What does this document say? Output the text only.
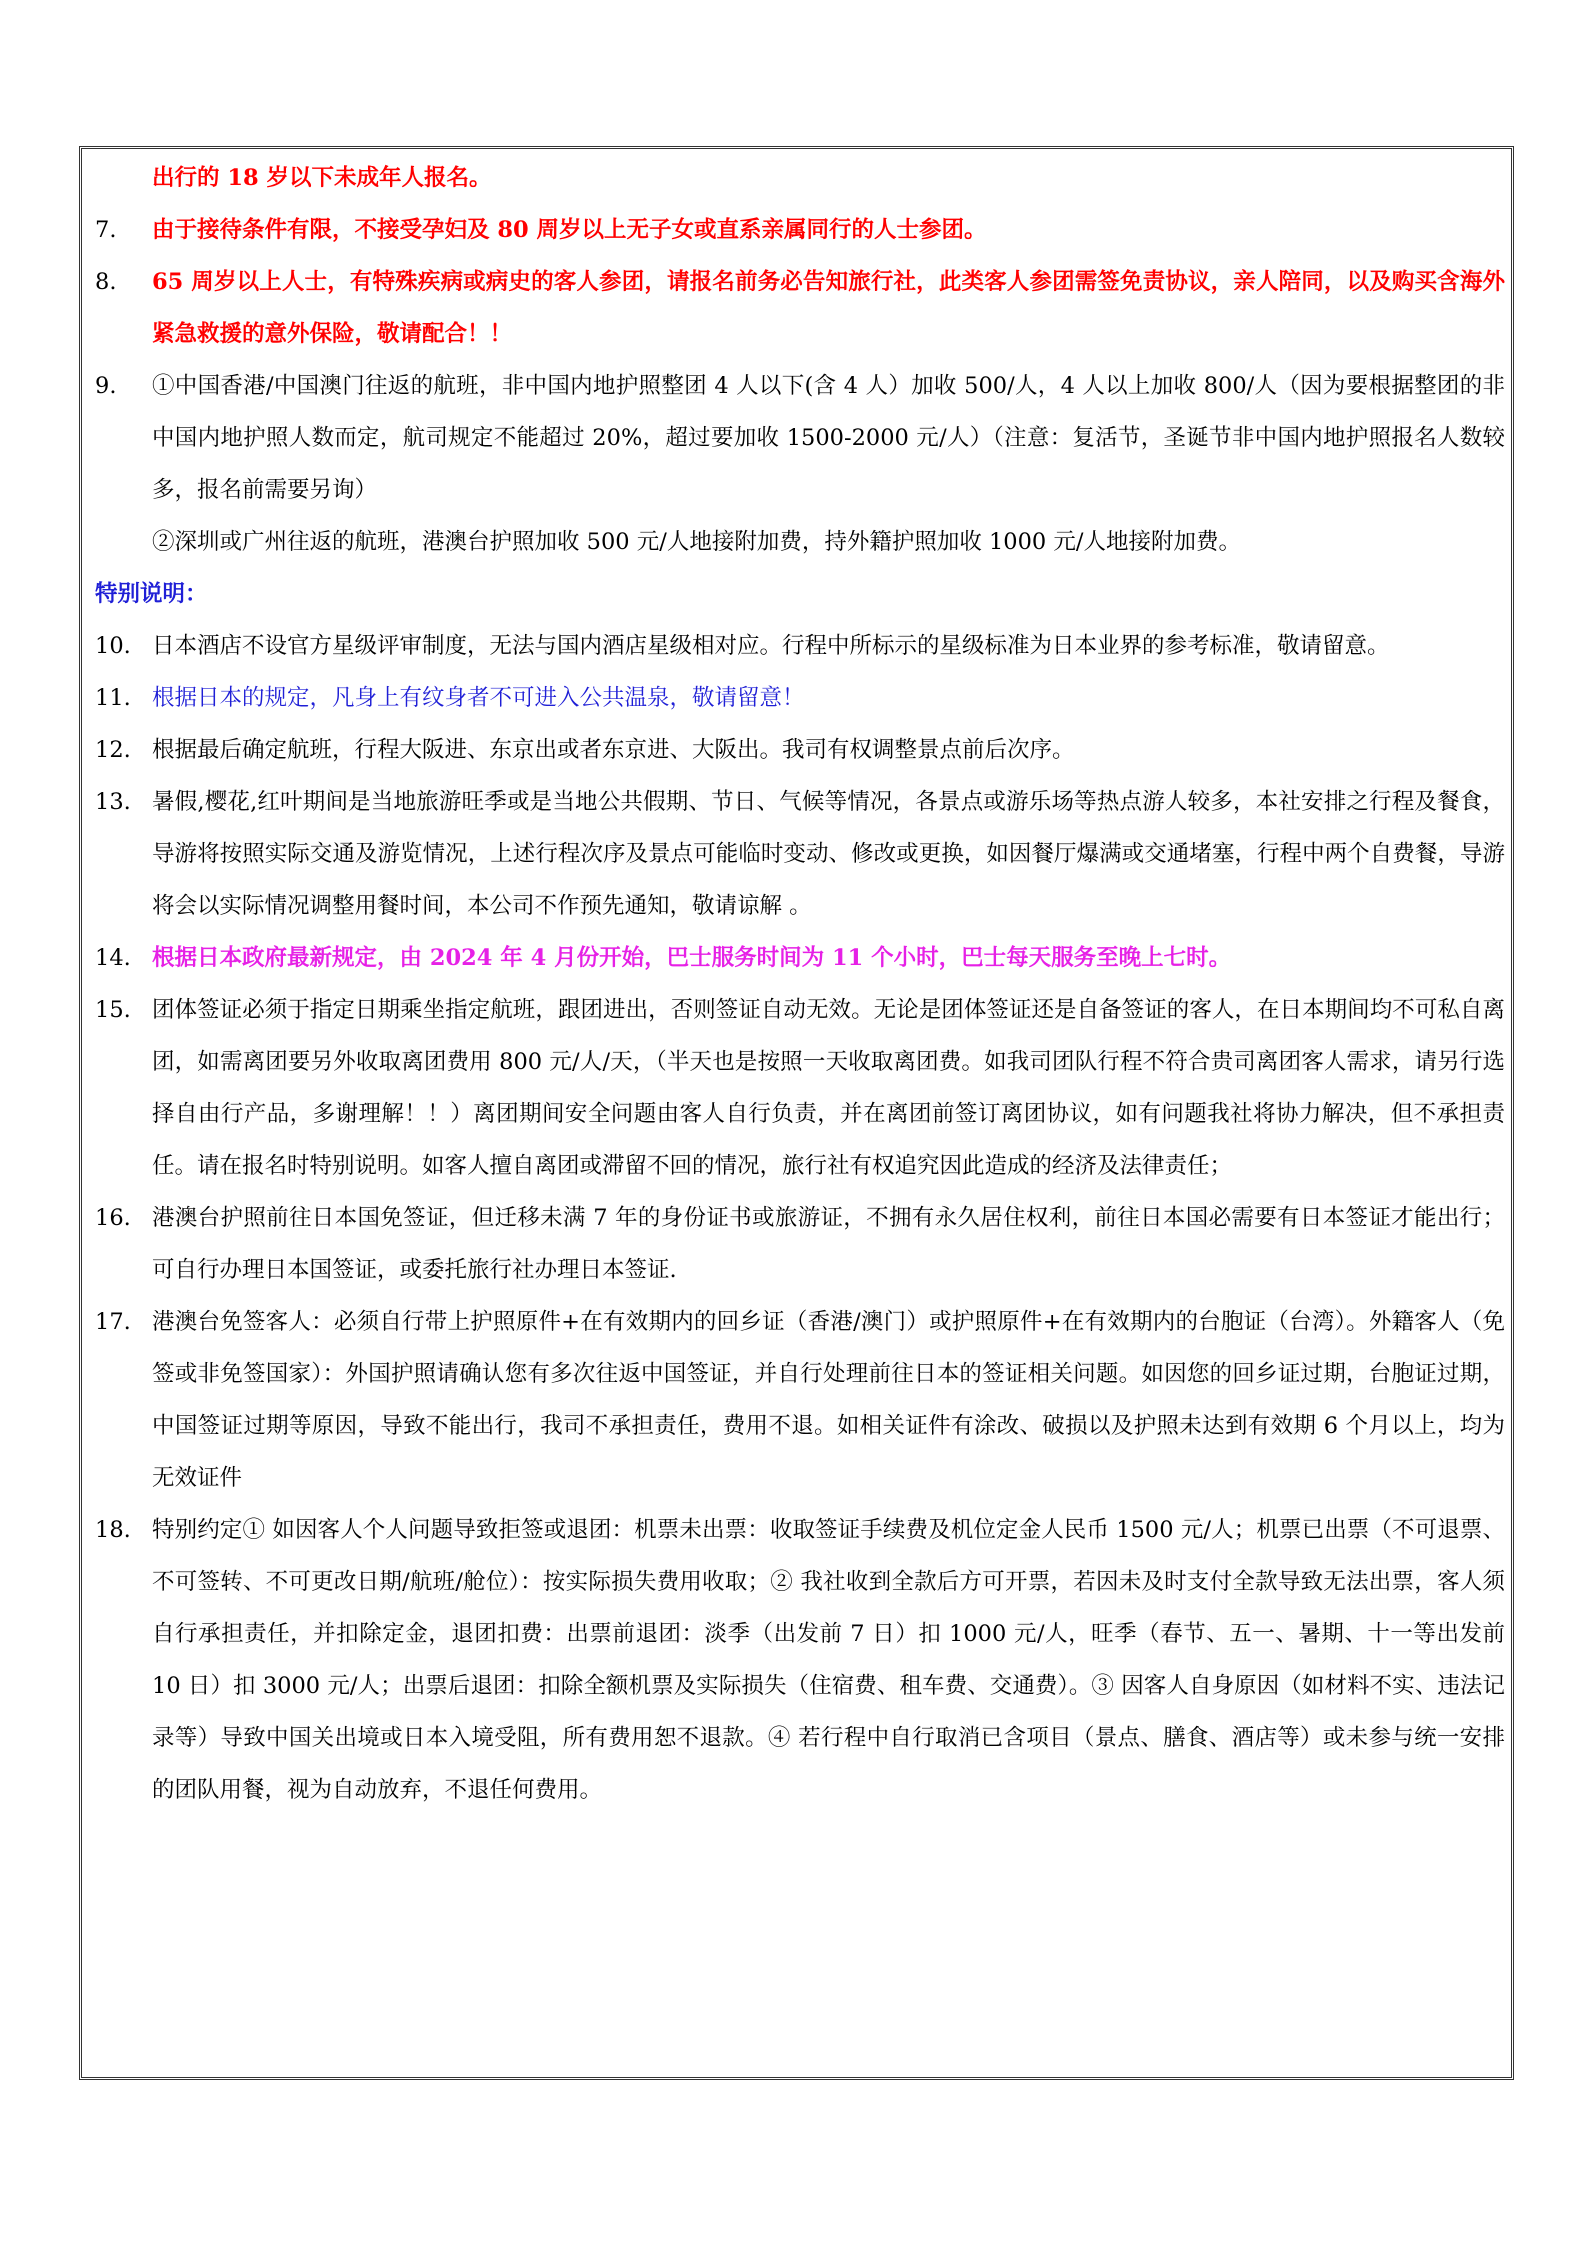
出行的 18 岁以下未成年人报名。
7.	由于接待条件有限，不接受孕妇及 80 周岁以上无子女或直系亲属同行的人士参团。
8.	65 周岁以上人士，有特殊疾病或病史的客人参团，请报名前务必告知旅行社，此类客人参团需签免责协议，亲人陪同，以及购买含海外紧急救援的意外保险，敬请配合！！
9.	①中国香港/中国澳门往返的航班，非中国内地护照整团 4 人以下(含 4 人）加收 500/人，4 人以上加收 800/人（因为要根据整团的非中国内地护照人数而定，航司规定不能超过 20%，超过要加收 1500-2000 元/人）（注意：复活节，圣诞节非中国内地护照报名人数较多，报名前需要另询）
②深圳或广州往返的航班，港澳台护照加收 500 元/人地接附加费，持外籍护照加收 1000 元/人地接附加费。
特别说明：
10. 日本酒店不设官方星级评审制度，无法与国内酒店星级相对应。行程中所标示的星级标准为日本业界的参考标准，敬请留意。
11. 根据日本的规定，凡身上有纹身者不可进入公共温泉，敬请留意！
12. 根据最后确定航班，行程大阪进、东京出或者东京进、大阪出。我司有权调整景点前后次序。
13. 暑假,樱花,红叶期间是当地旅游旺季或是当地公共假期、节日、气候等情况，各景点或游乐场等热点游人较多，本社安排之行程及餐食，导游将按照实际交通及游览情况，上述行程次序及景点可能临时变动、修改或更换，如因餐厅爆满或交通堵塞，行程中两个自费餐，导游将会以实际情况调整用餐时间，本公司不作预先通知，敬请谅解 。
14. 根据日本政府最新规定，由 2024 年 4 月份开始，巴士服务时间为 11 个小时，巴士每天服务至晚上七时。
15. 团体签证必须于指定日期乘坐指定航班，跟团进出，否则签证自动无效。无论是团体签证还是自备签证的客人，在日本期间均不可私自离团，如需离团要另外收取离团费用 800 元/人/天，（半天也是按照一天收取离团费。如我司团队行程不符合贵司离团客人需求，请另行选择自由行产品，多谢理解！！）离团期间安全问题由客人自行负责，并在离团前签订离团协议，如有问题我社将协力解决，但不承担责任。请在报名时特别说明。如客人擅自离团或滞留不回的情况，旅行社有权追究因此造成的经济及法律责任；
16. 港澳台护照前往日本国免签证，但迁移未满 7 年的身份证书或旅游证，不拥有永久居住权利，前往日本国必需要有日本签证才能出行；可自行办理日本国签证，或委托旅行社办理日本签证.
17. 港澳台免签客人：必须自行带上护照原件+在有效期内的回乡证（香港/澳门）或护照原件+在有效期内的台胞证（台湾）。外籍客人（免签或非免签国家）：外国护照请确认您有多次往返中国签证，并自行处理前往日本的签证相关问题。如因您的回乡证过期，台胞证过期，中国签证过期等原因，导致不能出行，我司不承担责任，费用不退。如相关证件有涂改、破损以及护照未达到有效期 6 个月以上，均为无效证件
18. 特别约定① 如因客人个人问题导致拒签或退团：机票未出票：收取签证手续费及机位定金人民币 1500 元/人；机票已出票（不可退票、不可签转、不可更改日期/航班/舱位）：按实际损失费用收取；② 我社收到全款后方可开票，若因未及时支付全款导致无法出票，客人须自行承担责任，并扣除定金，退团扣费：出票前退团：淡季（出发前 7 日）扣 1000 元/人，旺季（春节、五一、暑期、十一等出发前 10 日）扣 3000 元/人；出票后退团：扣除全额机票及实际损失（住宿费、租车费、交通费）。③ 因客人自身原因（如材料不实、违法记录等）导致中国关出境或日本入境受阻，所有费用恕不退款。④ 若行程中自行取消已含项目（景点、膳食、酒店等）或未参与统一安排的团队用餐，视为自动放弃，不退任何费用。
